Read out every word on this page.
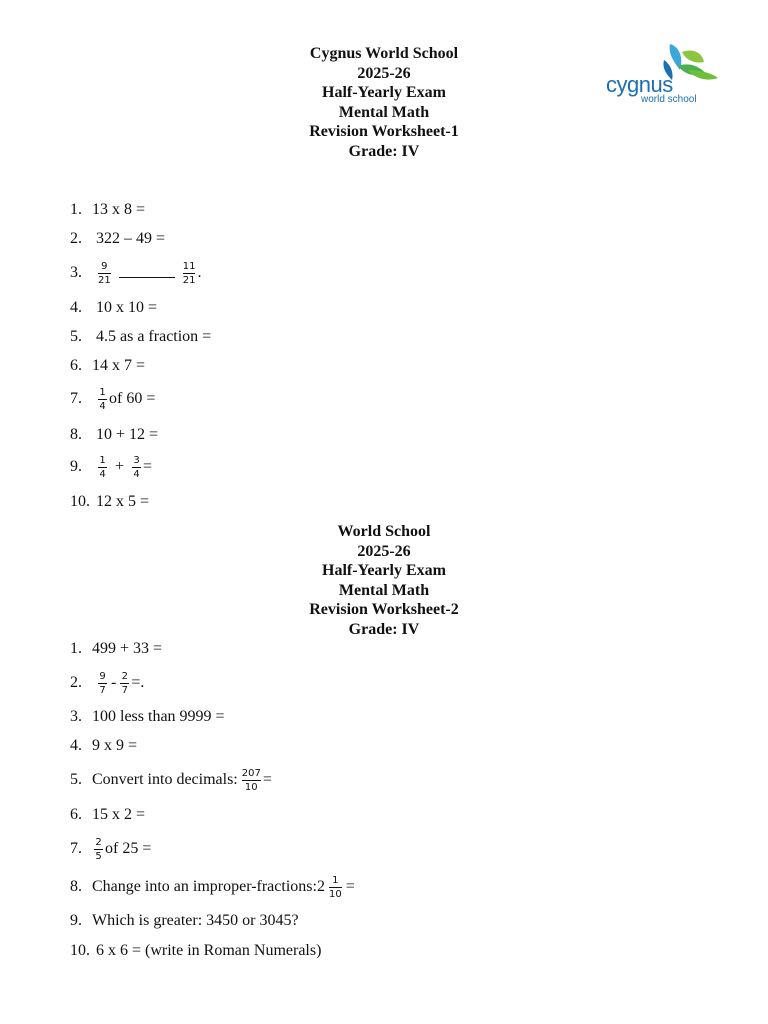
cygnus
world school
Cygnus World School
2025-26
Half-Yearly Exam
Mental Math
Revision Worksheet-1
Grade: IV
1. 13 x 8 =
2. 322 – 49 =
3.	$\frac{9}{21}$	$\frac{11}{21}$ .
4. 10 x 10 =
5. 4.5 as a fraction =
6. 14 x 7 =
7.	$\frac{1}{4}$ of 60 =
8. 10 + 12 =
9.	$\frac{1}{4} + \frac{3}{4}$ =
10. 12 x 5 =
World School
2025-26
Half-Yearly Exam
Mental Math
Revision Worksheet-2
Grade: IV
1. 499 + 33 =
2.	$\frac{9}{7} - \frac{2}{7}$ =.
3. 100 less than 9999 =
4. 9 x 9 =
5. Convert into decimals: $\frac{207}{10}$ =
6. 15 x 2 =
7.	$\frac{2}{5}$ of 25 =
8. Change into an improper-fractions:2 $\frac{1}{10}$ =
9. Which is greater: 3450 or 3045?
10. 6 x 6 = (write in Roman Numerals)
